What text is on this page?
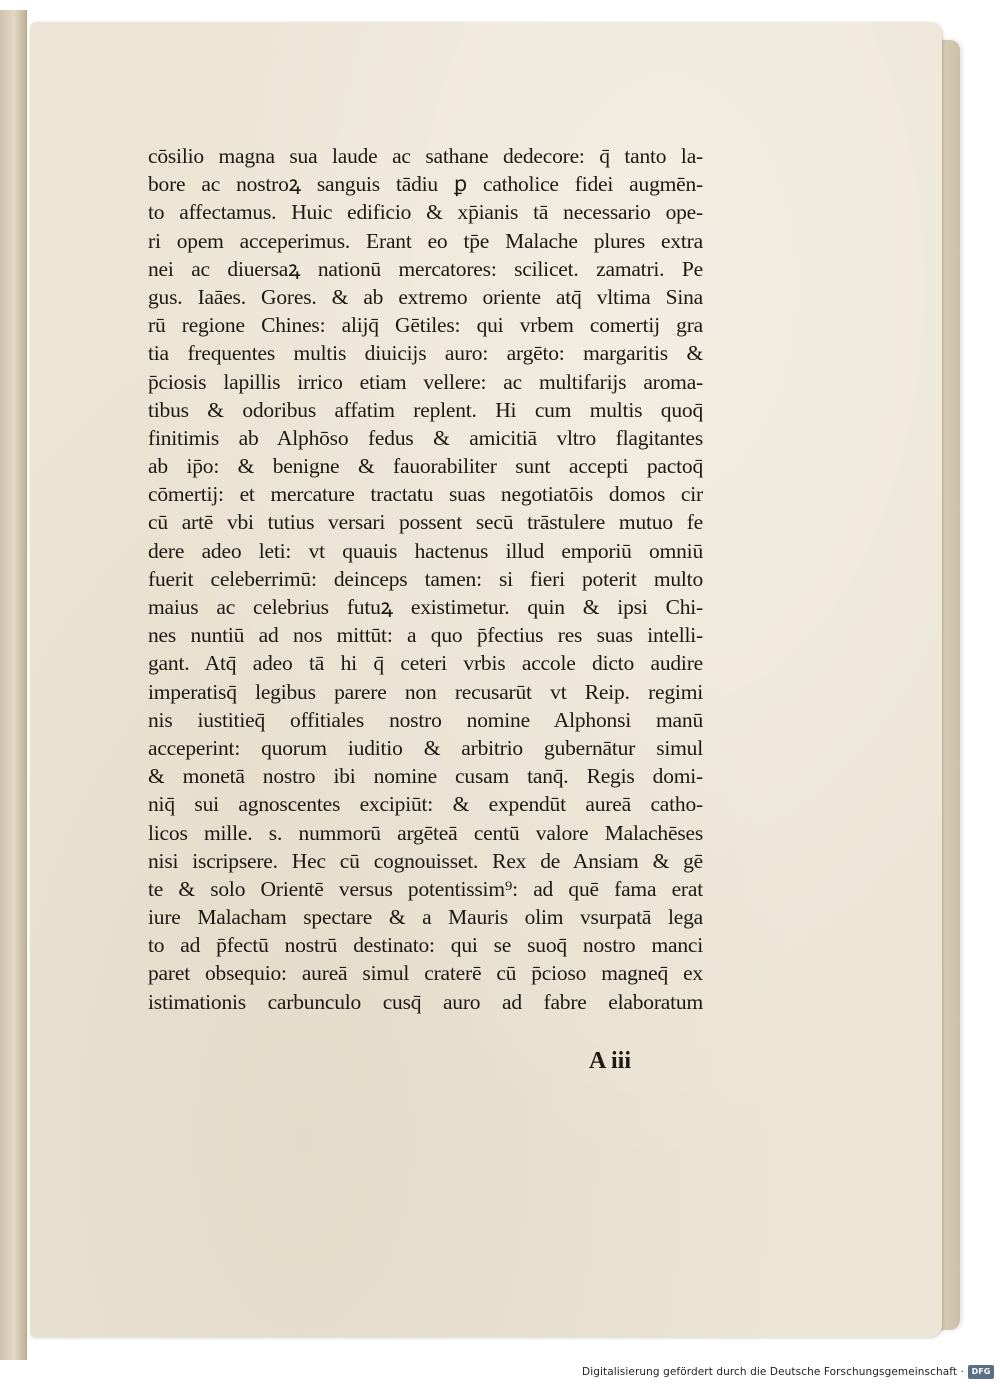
cōsilio magna sua laude ac sathane dedecore: q̄ tanto la-
bore ac nostroꝝ sanguis tādiu ꝑ catholice fidei augmēn-
to affectamus. Huic edificio & xp̄ianis tā necessario ope-
ri opem acceperimus. Erant eo tp̄e Malache plures extra
nei ac diuersaꝝ nationū mercatores: scilicet. zamatri. Pe
gus. Iaāes. Gores. & ab extremo oriente atq̄ vltima Sina
rū regione Chines: alijq̄ Gētiles: qui vrbem comertij gra
tia frequentes multis diuicijs auro: argēto: margaritis &
p̄ciosis lapillis irrico etiam vellere: ac multifarijs aroma-
tibus & odoribus affatim replent. Hi cum multis quoq̄
finitimis ab Alphōso fedus & amicitiā vltro flagitantes
ab ip̄o: & benigne & fauorabiliter sunt accepti pactoq̄
cōmertij: et mercature tractatu suas negotiatōis domos cir
cū artē vbi tutius versari possent secū trāstulere mutuo fe
dere adeo leti: vt quauis hactenus illud emporiū omniū
fuerit celeberrimū: deinceps tamen: si fieri poterit multo
maius ac celebrius futuꝝ existimetur. quin & ipsi Chi-
nes nuntiū ad nos mittūt: a quo p̄fectius res suas intelli-
gant. Atq̄ adeo tā hi q̄ ceteri vrbis accole dicto audire
imperatisq̄ legibus parere non recusarūt vt Reip. regimi
nis iustitieq̄ offitiales nostro nomine Alphonsi manū
acceperint: quorum iuditio & arbitrio gubernātur simul
& monetā nostro ibi nomine cusam tanq̄. Regis domi-
niq̄ sui agnoscentes excipiūt: & expendūt aureā catho-
licos mille. s. nummorū argēteā centū valore Malachēses
nisi iscripsere. Hec cū cognouisset. Rex de Ansiam & gē
te & solo Orientē versus potentissim⁹: ad quē fama erat
iure Malacham spectare & a Mauris olim vsurpatā lega
to ad p̄fectū nostrū destinato: qui se suoq̄ nostro manci
paret obsequio: aureā simul craterē cū p̄cioso magneq̄ ex
istimationis carbunculo cusq̄ auro ad fabre elaboratum
A iii
Digitalisierung gefördert durch die Deutsche Forschungsgemeinschaft · DFG
